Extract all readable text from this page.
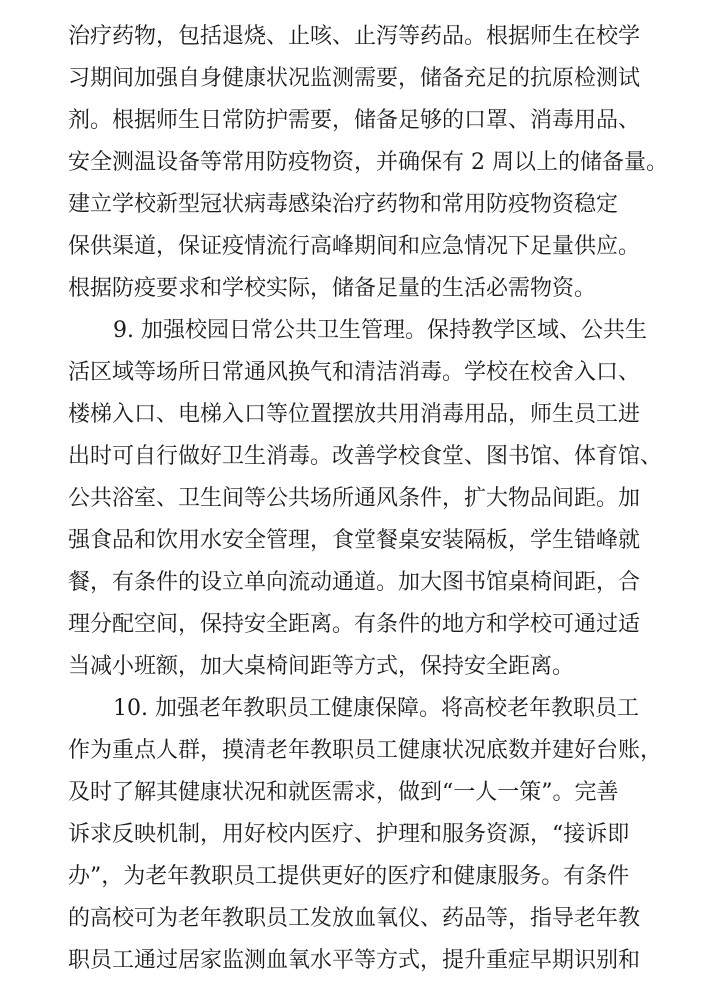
治疗药物，包括退烧、止咳、止泻等药品。根据师生在校学
习期间加强自身健康状况监测需要，储备充足的抗原检测试
剂。根据师生日常防护需要，储备足够的口罩、消毒用品、
安全测温设备等常用防疫物资，并确保有 2 周以上的储备量。
建立学校新型冠状病毒感染治疗药物和常用防疫物资稳定
保供渠道，保证疫情流行高峰期间和应急情况下足量供应。
根据防疫要求和学校实际，储备足量的生活必需物资。
9. 加强校园日常公共卫生管理。保持教学区域、公共生
活区域等场所日常通风换气和清洁消毒。学校在校舍入口、
楼梯入口、电梯入口等位置摆放共用消毒用品，师生员工进
出时可自行做好卫生消毒。改善学校食堂、图书馆、体育馆、
公共浴室、卫生间等公共场所通风条件，扩大物品间距。加
强食品和饮用水安全管理，食堂餐桌安装隔板，学生错峰就
餐，有条件的设立单向流动通道。加大图书馆桌椅间距，合
理分配空间，保持安全距离。有条件的地方和学校可通过适
当减小班额，加大桌椅间距等方式，保持安全距离。
10. 加强老年教职员工健康保障。将高校老年教职员工
作为重点人群，摸清老年教职员工健康状况底数并建好台账，
及时了解其健康状况和就医需求，做到“一人一策”。完善
诉求反映机制，用好校内医疗、护理和服务资源，“接诉即
办”，为老年教职员工提供更好的医疗和健康服务。有条件
的高校可为老年教职员工发放血氧仪、药品等，指导老年教
职员工通过居家监测血氧水平等方式，提升重症早期识别和
